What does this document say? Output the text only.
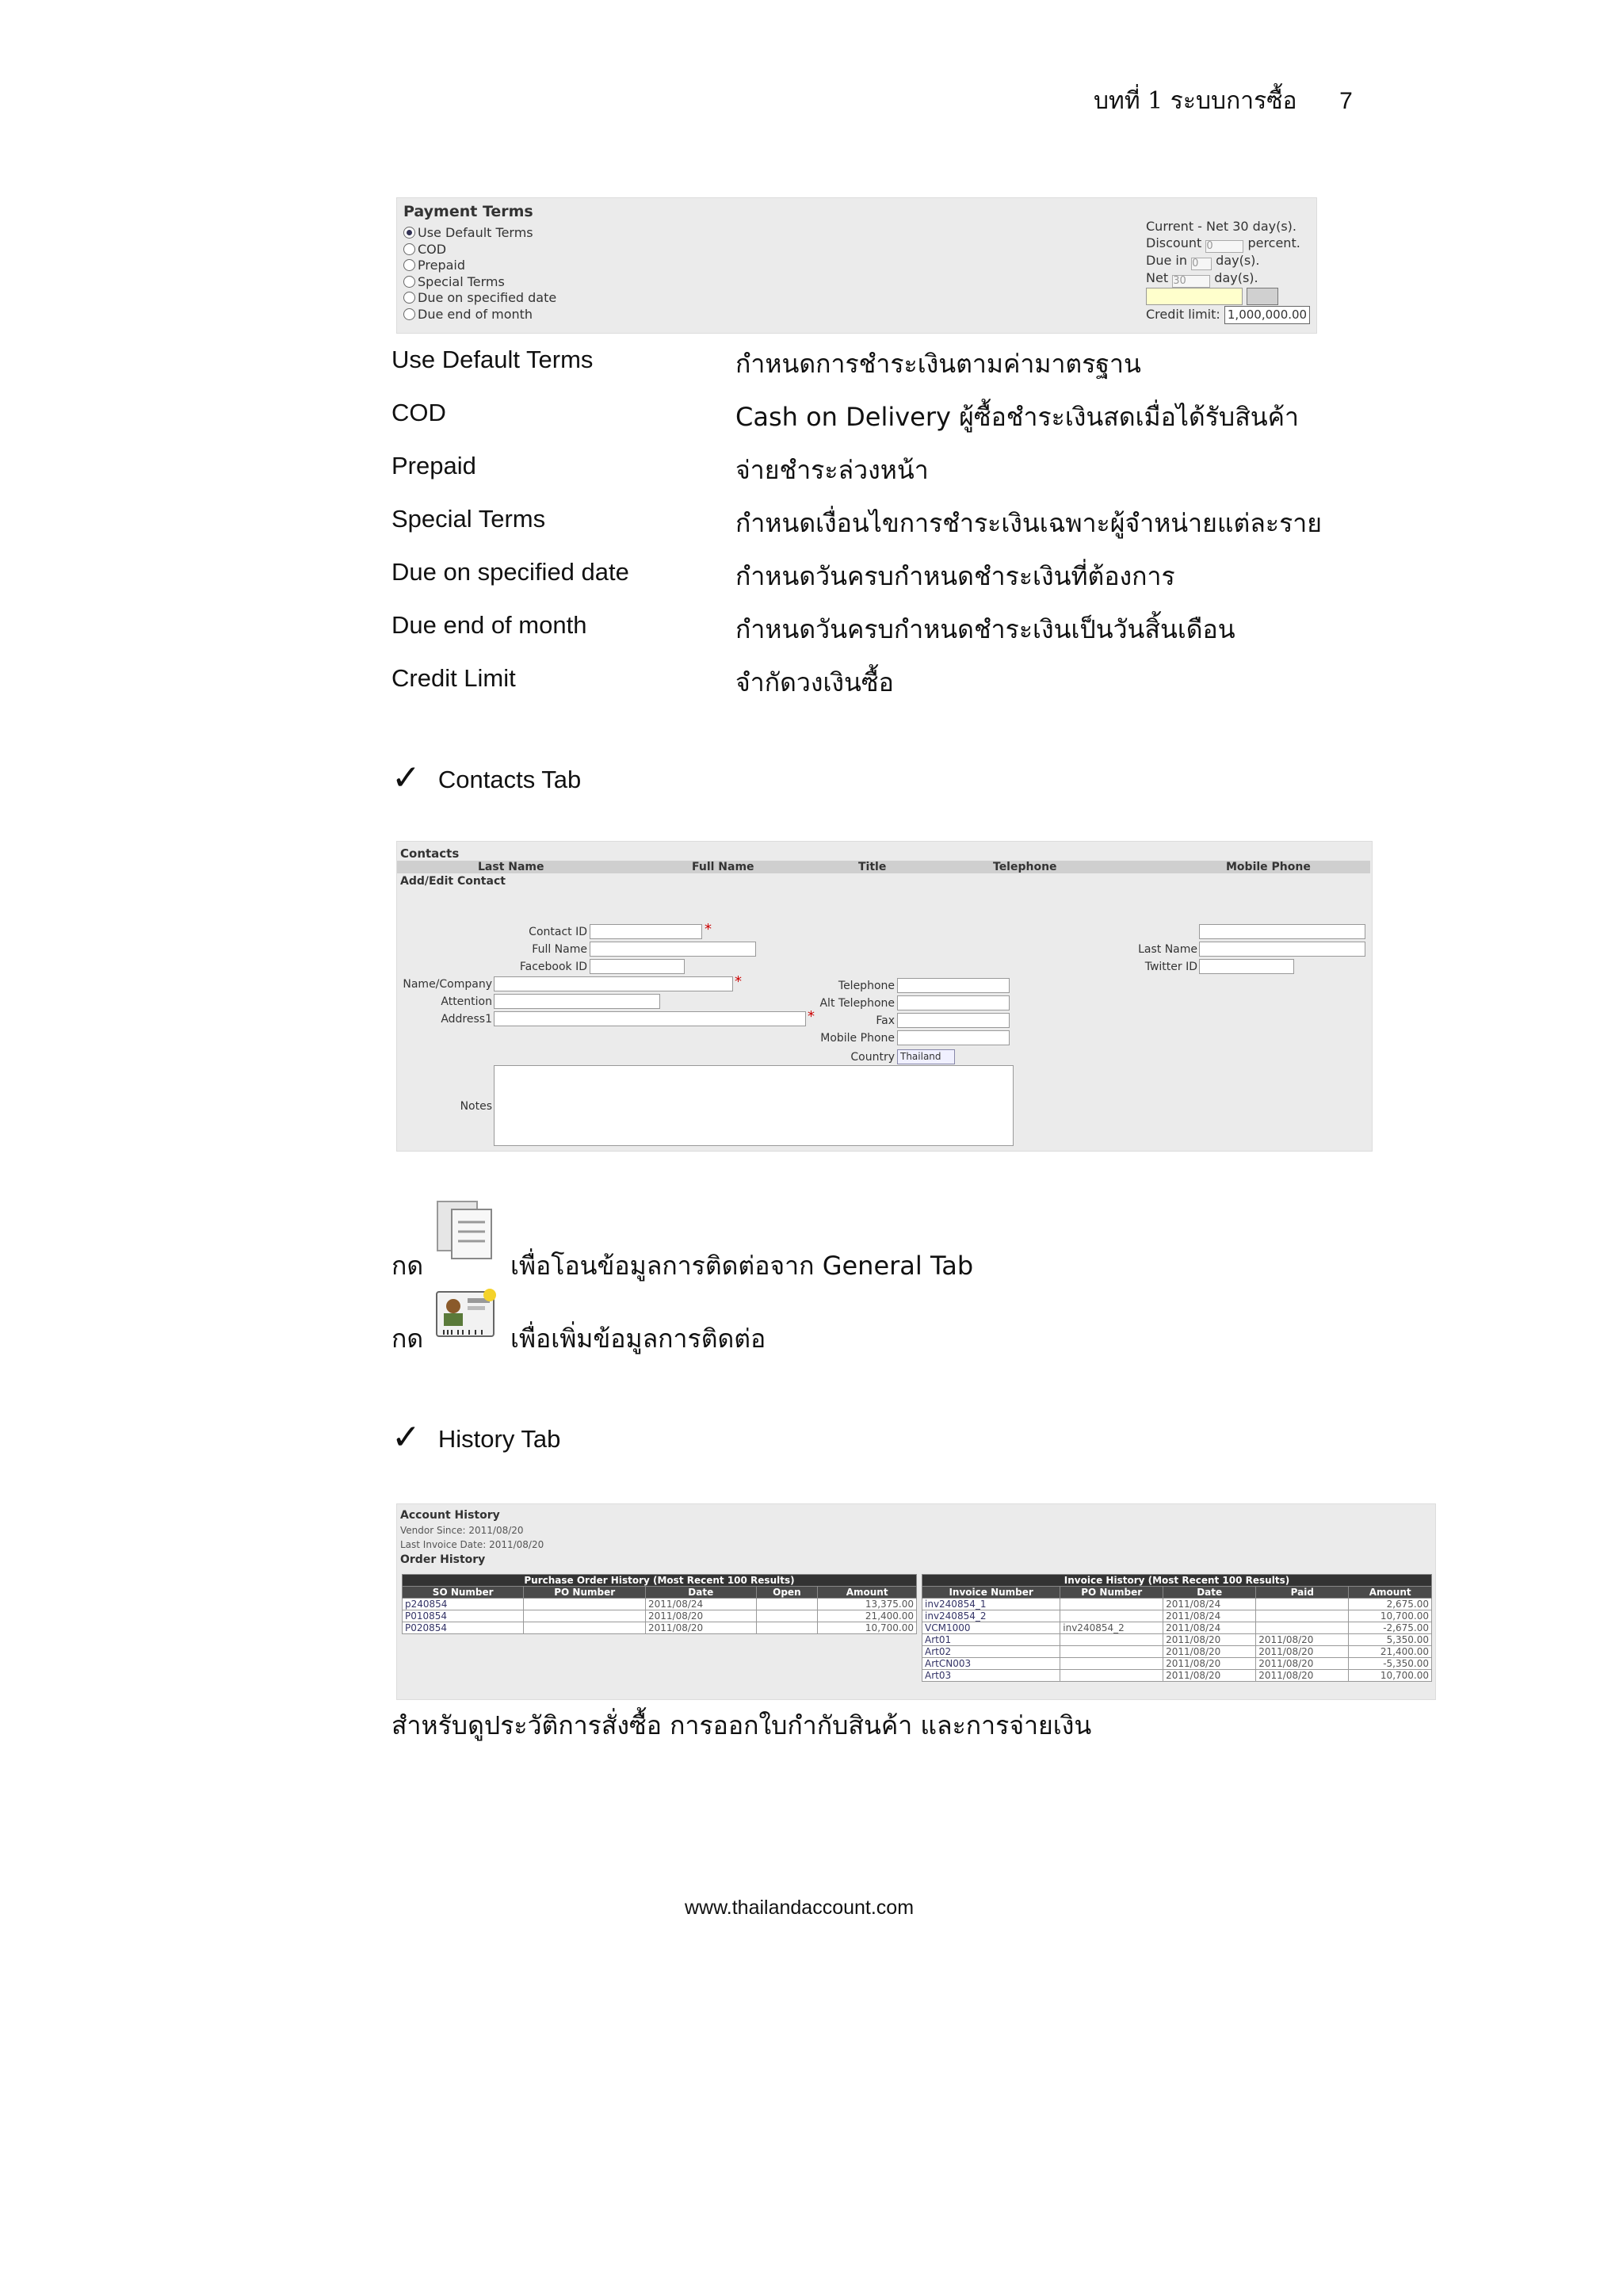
บทที่ 1 ระบบการซื้อ 7
Payment Terms
Use Default Terms
COD
Prepaid
Special Terms
Due on specified date
Due end of month
Current - Net 30 day(s).
Discount 0	percent.
Due in 0 day(s).
Net 30 day(s).

Credit limit: 1,000,000.00
Use Default Terms	กำหนดการชำระเงินตามค่ามาตรฐาน
COD	Cash on Delivery ผู้ซื้อชำระเงินสดเมื่อได้รับสินค้า
Prepaid	จ่ายชำระล่วงหน้า
Special Terms	กำหนดเงื่อนไขการชำระเงินเฉพาะผู้จำหน่ายแต่ละราย
Due on specified date	กำหนดวันครบกำหนดชำระเงินที่ต้องการ
Due end of month	กำหนดวันครบกำหนดชำระเงินเป็นวันสิ้นเดือน
Credit Limit	จำกัดวงเงินซื้อ
✓ Contacts Tab
Contacts
Last Name	Full Name	Title	Telephone	Mobile Phone
Add/Edit Contact
Contact ID	*
Full Name
Facebook ID
Name/Company	*
Attention
Address1	*
Telephone
Alt Telephone
Fax
Mobile Phone
Country Thailand
Last Name
Twitter ID
Notes
กด	เพื่อโอนข้อมูลการติดต่อจาก General Tab
กด	เพื่อเพิ่มข้อมูลการติดต่อ
✓ History Tab
Account History
Vendor Since: 2011/08/20
Last Invoice Date: 2011/08/20
Order History
Purchase Order History (Most Recent 100 Results)				
SO Number	PO Number	Date	Open	Amount
p240854		2011/08/24		13,375.00
P010854		2011/08/20		21,400.00
P020854		2011/08/20		10,700.00
Invoice History (Most Recent 100 Results)				
Invoice Number	PO Number	Date	Paid	Amount
inv240854_1		2011/08/24		2,675.00
inv240854_2		2011/08/24		10,700.00
VCM1000	inv240854_2	2011/08/24		-2,675.00
Art01		2011/08/20	2011/08/20	5,350.00
Art02		2011/08/20	2011/08/20	21,400.00
ArtCN003		2011/08/20	2011/08/20	-5,350.00
Art03		2011/08/20	2011/08/20	10,700.00
สำหรับดูประวัติการสั่งซื้อ การออกใบกำกับสินค้า และการจ่ายเงิน
www.thailandaccount.com
